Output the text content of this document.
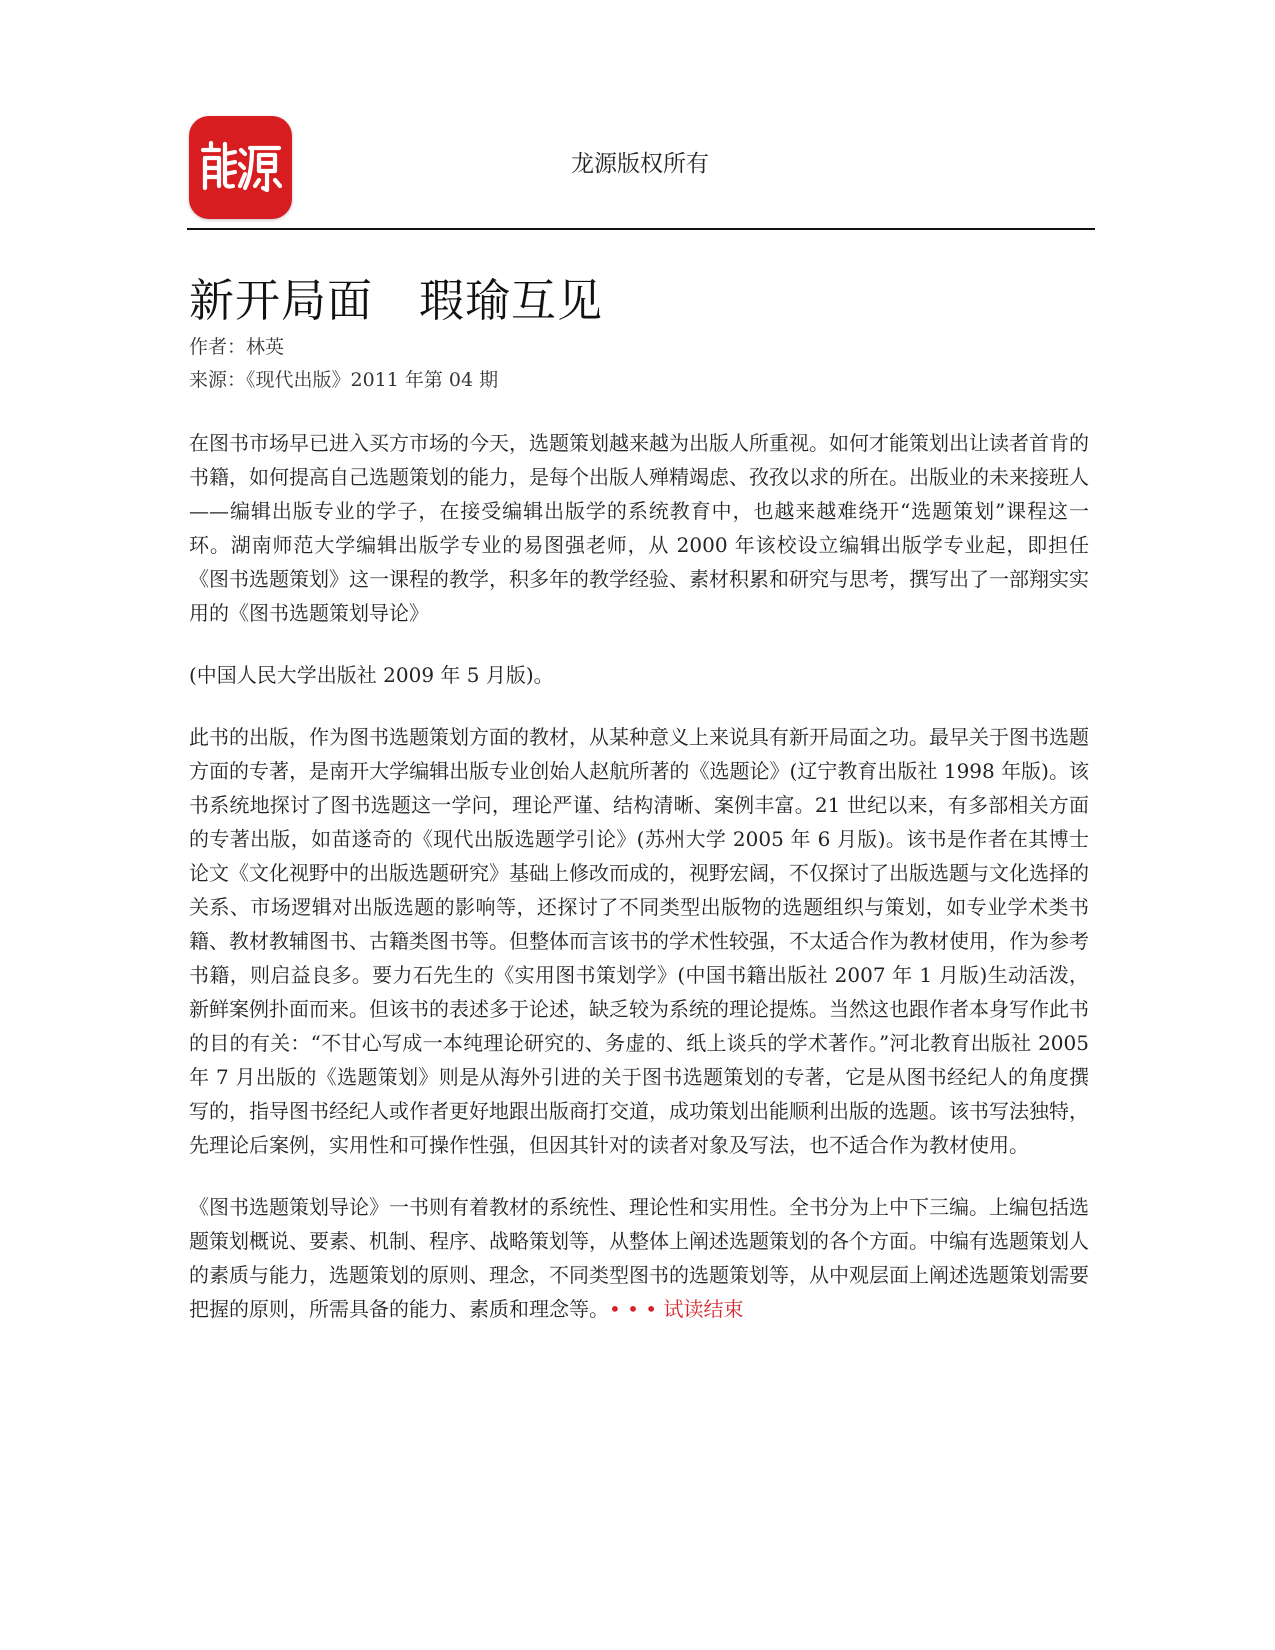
龙源版权所有
新开局面　瑕瑜互见

作者：林英

来源：《现代出版》2011 年第 04 期

在图书市场早已进入买方市场的今天，选题策划越来越为出版人所重视。如何才能策划出让读者首肯的书籍，如何提高自己选题策划的能力，是每个出版人殚精竭虑、孜孜以求的所在。出版业的未来接班人——编辑出版专业的学子，在接受编辑出版学的系统教育中，也越来越难绕开“选题策划”课程这一环。湖南师范大学编辑出版学专业的易图强老师，从 2000 年该校设立编辑出版学专业起，即担任《图书选题策划》这一课程的教学，积多年的教学经验、素材积累和研究与思考，撰写出了一部翔实实用的《图书选题策划导论》

(中国人民大学出版社 2009 年 5 月版)。

此书的出版，作为图书选题策划方面的教材，从某种意义上来说具有新开局面之功。最早关于图书选题方面的专著，是南开大学编辑出版专业创始人赵航所著的《选题论》(辽宁教育出版社 1998 年版)。该书系统地探讨了图书选题这一学问，理论严谨、结构清晰、案例丰富。21 世纪以来，有多部相关方面的专著出版，如苗遂奇的《现代出版选题学引论》(苏州大学 2005 年 6 月版)。该书是作者在其博士论文《文化视野中的出版选题研究》基础上修改而成的，视野宏阔，不仅探讨了出版选题与文化选择的关系、市场逻辑对出版选题的影响等，还探讨了不同类型出版物的选题组织与策划，如专业学术类书籍、教材教辅图书、古籍类图书等。但整体而言该书的学术性较强，不太适合作为教材使用，作为参考书籍，则启益良多。要力石先生的《实用图书策划学》(中国书籍出版社 2007 年 1 月版)生动活泼，新鲜案例扑面而来。但该书的表述多于论述，缺乏较为系统的理论提炼。当然这也跟作者本身写作此书的目的有关：“不甘心写成一本纯理论研究的、务虚的、纸上谈兵的学术著作。”河北教育出版社 2005 年 7 月出版的《选题策划》则是从海外引进的关于图书选题策划的专著，它是从图书经纪人的角度撰写的，指导图书经纪人或作者更好地跟出版商打交道，成功策划出能顺利出版的选题。该书写法独特，先理论后案例，实用性和可操作性强，但因其针对的读者对象及写法，也不适合作为教材使用。

《图书选题策划导论》一书则有着教材的系统性、理论性和实用性。全书分为上中下三编。上编包括选题策划概说、要素、机制、程序、战略策划等，从整体上阐述选题策划的各个方面。中编有选题策划人的素质与能力，选题策划的原则、理念，不同类型图书的选题策划等，从中观层面上阐述选题策划需要把握的原则，所需具备的能力、素质和理念等。• • • 试读结束
